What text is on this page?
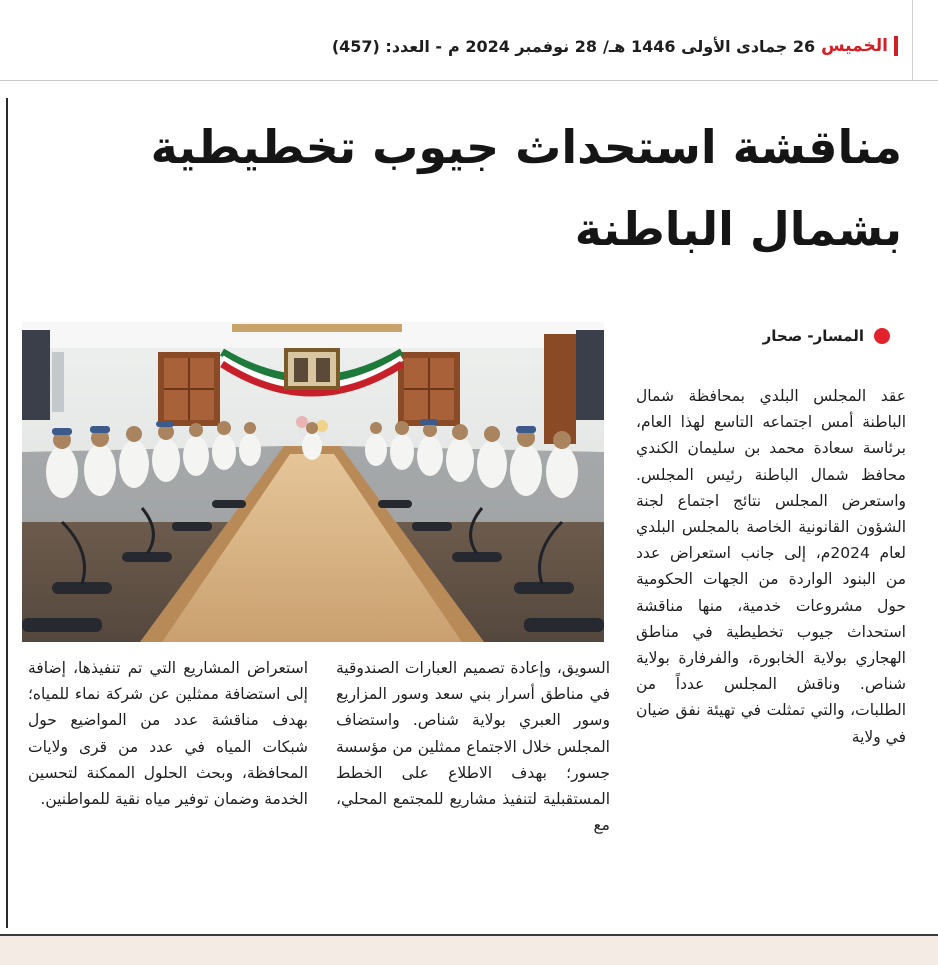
الخميس
26 جمادى الأولى 1446 هـ/
28 نوفمبر 2024 م
- العدد: (457)
مناقشة استحداث جيوب تخطيطية بشمال الباطنة
المسار- صحار

عقد المجلس البلدي بمحافظة شمال الباطنة أمس اجتماعه التاسع لهذا العام، برئاسة سعادة محمد بن سليمان الكندي محافظ شمال الباطنة رئيس المجلس. واستعرض المجلس نتائج اجتماع لجنة الشؤون القانونية الخاصة بالمجلس البلدي لعام 2024م، إلى جانب استعراض عدد من البنود الواردة من الجهات الحكومية حول مشروعات خدمية، منها مناقشة استحداث جيوب تخطيطية في مناطق الهجاري بولاية الخابورة، والفرفارة بولاية شناص. وناقش المجلس عدداً من الطلبات، والتي تمثلت في تهيئة نفق ضيان في ولاية

السويق، وإعادة تصميم العبارات الصندوقية في مناطق أسرار بني سعد وسور المزاريع وسور العبري بولاية شناص. واستضاف المجلس خلال الاجتماع ممثلين من مؤسسة جسور؛ بهدف الاطلاع على الخطط المستقبلية لتنفيذ مشاريع للمجتمع المحلي، مع

استعراض المشاريع التي تم تنفيذها، إضافة إلى استضافة ممثلين عن شركة نماء للمياه؛ بهدف مناقشة عدد من المواضيع حول شبكات المياه في عدد من قرى ولايات المحافظة، وبحث الحلول الممكنة لتحسين الخدمة وضمان توفير مياه نقية للمواطنين.
